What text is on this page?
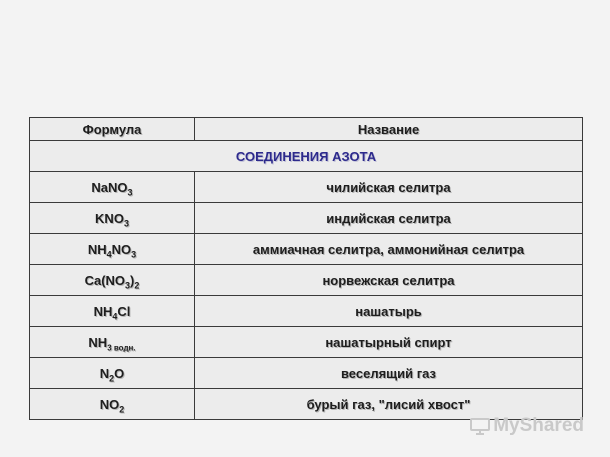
Формула	Название
СОЕДИНЕНИЯ АЗОТА	
NaNO$_3$	чилийская селитра
$KNO_3$	индийская селитра
$NH_4NO_3$	аммиачная селитра, аммонийная селитра
$Ca(NO_3)_2$	норвежская селитра
$NH_4Cl$	нашатырь
$NH_{3 водн.}$	нашатырный спирт
$N_2O$	веселящий газ
$NO_2$	бурый газ, "лисий хвост"
MyShared
